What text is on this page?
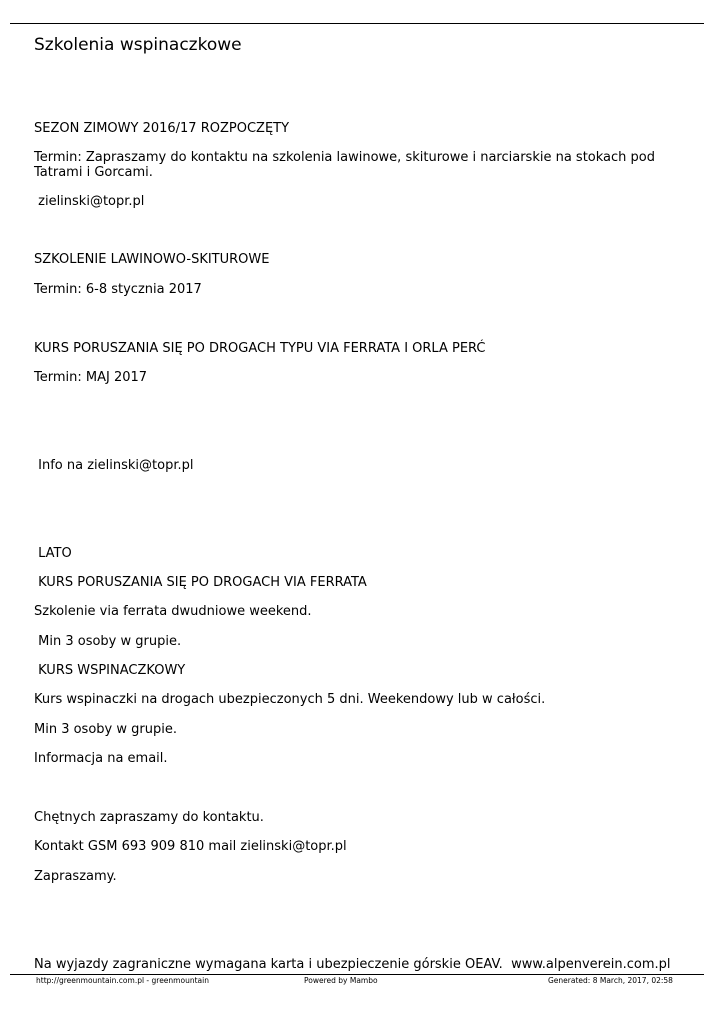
Szkolenia wspinaczkowe
SEZON ZIMOWY 2016/17 ROZPOCZĘTY
Termin: Zapraszamy do kontaktu na szkolenia lawinowe, skiturowe i narciarskie na stokach pod Tatrami i Gorcami.
zielinski@topr.pl
SZKOLENIE LAWINOWO-SKITUROWE
Termin: 6-8 stycznia 2017
KURS PORUSZANIA SIĘ PO DROGACH TYPU VIA FERRATA I ORLA PERĆ
Termin: MAJ 2017
Info na zielinski@topr.pl
LATO
KURS PORUSZANIA SIĘ PO DROGACH VIA FERRATA
Szkolenie via ferrata dwudniowe weekend.
Min 3 osoby w grupie.
KURS WSPINACZKOWY
Kurs wspinaczki na drogach ubezpieczonych 5 dni. Weekendowy lub w całości.
Min 3 osoby w grupie.
Informacja na email.
Chętnych zapraszamy do kontaktu.
Kontakt GSM 693 909 810 mail zielinski@topr.pl
Zapraszamy.
Na wyjazdy zagraniczne wymagana karta i ubezpieczenie górskie OEAV.  www.alpenverein.com.pl
http://greenmountain.com.pl - greenmountain	Powered by Mambo	Generated: 8 March, 2017, 02:58
